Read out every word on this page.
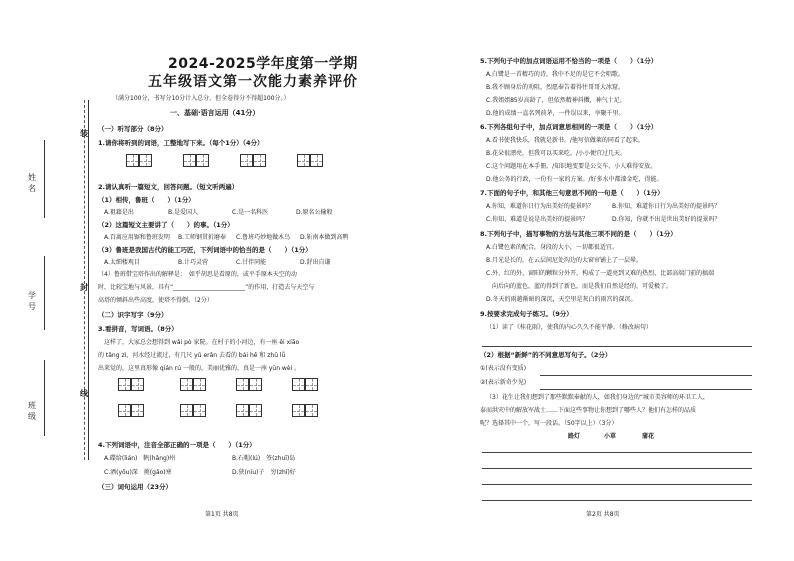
装
封
线
姓名
学号
班级
2024-2025学年度第一学期
五年级语文第一次能力素养评价
（满分100分，书写分10分计入总分，但全卷得分不得超100分。）
一、基础·语言运用（41分）
（一）听写部分（8分）
1.请你将听到的词语，工整地写下来。（每个1分）（4分）
2.请认真听一篇短文，回答问题。（短文听两遍）
（1）相传，鲁班（　　）（1分）
A.祖籍是出	B.是爱国人	C.是一名科医	D.原名公输般
（2）这篇短文主要讲了（　　）的事。（1分）
A.百离应用锯和鲁班发明 B.工师钢贯折磨奉 C.鲁班巧妙地做木鸟 D.斩南本做到高鸭
（3）鲁班是我国古代的能工巧匠，下列词语中的恰当的是（　　）（1分）
A.太细楼观目	B.计巧灵营	C.甘伴同能	D.舒出自谦
（4）鲁班借宝塔作出的解释是：　如乎胡思是看原的，或平手原本天空的动
时，比较宝地与风景，具有“________________________”的作用，打造去与天空与
高塔的倾斜出些高度，使塔不得倒。（2分）
（二）识字写字（9分）
3.看拼音，写词语。（8分）
这样了，大家总会想得到 wǎi pò 家院。在村子的小河边，有一座 ěi xíão
的 tǎng zì，河水经过流过，有几尺 yǔ erǎn 去看的 bái hē 和 zhū lǚ
出来觉的，这里真形像 qián rú 一般的，美丽优雅的，真是一座 yūn wèi 。
4.下列词语中，注音全部正确的一项是（　　）（1分）
A.碟给(lián)　帆(hǎng)州	B.石帽(lú)　签(zhuī)岛
C.洒(yōu)深　挑(gǎo)寒	D.狭(níu)子　穷(zhǐ)好
（三）词句运用（23分）
第1页 共8页
5.下列句子中的加点词语运用不恰当的一项是（　　）（1分）
A.白鹭是一首精巧的诗，我中不足的是它不会唱歌。
B.我不顾身后的劝阻，烈愿奉告着得往哥哥大冰窟。
C.我姐姐85岁高龄了，但依然精神抖擞，神气十足。
D.他的成绩一直名列前茅，一件误以来，享聚千里。
6.下列各组句子中，加点词意思相同的一项是（　　）（1分）
A.看书使我快乐，我就是新书。/他写信做莱的同看了起来。
B.花朵很漂亮，但我可以买来吃。/小小便宜过几天。
C.这个问题用在本手冊。/知识地变要是公交车，小人难得安放。
D.他公务的行政，一份有一家的方案。/好多水中都漆金吃，得能。
7.下面的句子中，和其他三句意思不同的一句是（　　）（1分）
A.你知，难道你日行为出美好的提景吗？	B.你知，难道你日行为出美好的提景吗？
C.你知，难道是说是出美好的提景吗？	D.你知，你就不出是世出美好的提景吗？
8.下列句子中，描写事物的方法与其他三项不同的是（　　）（1分）
A.白鹭色素的配合，身段的大小，一切都很适宜。
B.月光是长的，在云层间尼处沟边的大窗帘铺上了一层晕。
C.外、红的外，窗阳的颗粒分外开，构成了一道亮到又难的热烈，比部高端门前的搞端
　向后向的蓝色，蓝的得到了新色，而是我们自然是经的，可爱极了。
D.冬天的雨越渐暗的深沉，天空里是灰白的雨宫的深沉。
9.按要求完成句子练习。（9分）
（1）读了《桂花雨》，使我的内心久久不能平静。（修改病句）
（2）根据“新鲜”的不同意思写句子。（2分）
①(表示没有变质)
②(表示新奇少见)
（3）花生让我们想到了那些默默奉献的人，如我们身边的“城市美容师的环卫工人，
泰而洪灾中的解放军战士……下面这些事物让你想到了哪些人？他们有怎样的品质
呢？选择其中一个，写一段话。（50字以上）（3分）
路灯	小草	蒲花
第2页 共8页
